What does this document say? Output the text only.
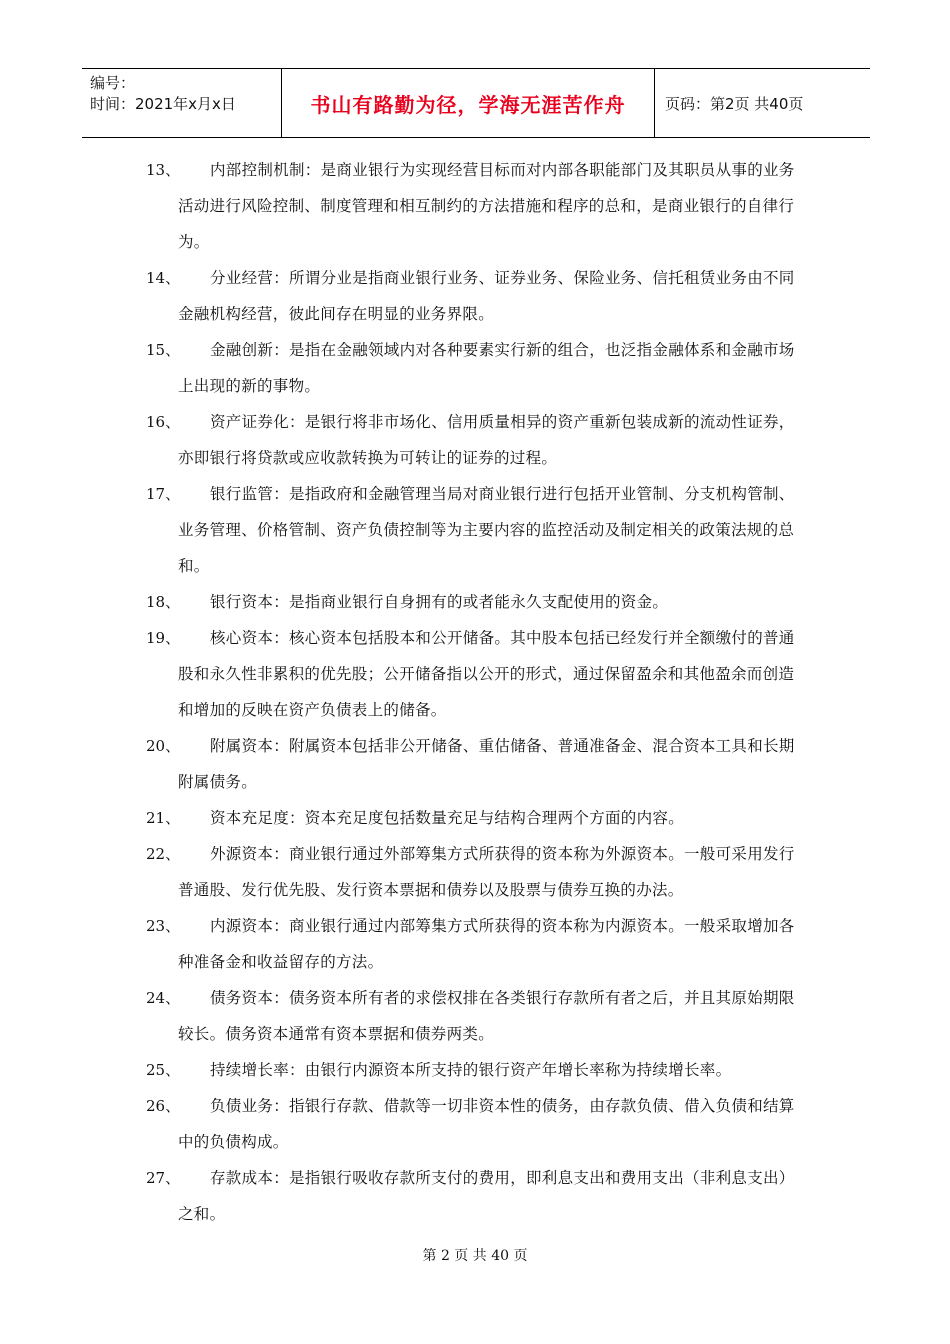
编号：
时间：2021年x月x日	书山有路勤为径，学海无涯苦作舟	页码：第2页 共40页
13、	内部控制机制：是商业银行为实现经营目标而对内部各职能部门及其职员从事的业务活动进行风险控制、制度管理和相互制约的方法措施和程序的总和，是商业银行的自律行为。
14、	分业经营：所谓分业是指商业银行业务、证券业务、保险业务、信托租赁业务由不同金融机构经营，彼此间存在明显的业务界限。
15、	金融创新：是指在金融领域内对各种要素实行新的组合，也泛指金融体系和金融市场上出现的新的事物。
16、	资产证券化：是银行将非市场化、信用质量相异的资产重新包装成新的流动性证券，亦即银行将贷款或应收款转换为可转让的证券的过程。
17、	银行监管：是指政府和金融管理当局对商业银行进行包括开业管制、分支机构管制、业务管理、价格管制、资产负债控制等为主要内容的监控活动及制定相关的政策法规的总和。
18、	银行资本：是指商业银行自身拥有的或者能永久支配使用的资金。
19、	核心资本：核心资本包括股本和公开储备。其中股本包括已经发行并全额缴付的普通股和永久性非累积的优先股；公开储备指以公开的形式，通过保留盈余和其他盈余而创造和增加的反映在资产负债表上的储备。
20、	附属资本：附属资本包括非公开储备、重估储备、普通准备金、混合资本工具和长期附属债务。
21、	资本充足度：资本充足度包括数量充足与结构合理两个方面的内容。
22、	外源资本：商业银行通过外部筹集方式所获得的资本称为外源资本。一般可采用发行普通股、发行优先股、发行资本票据和债券以及股票与债券互换的办法。
23、	内源资本：商业银行通过内部筹集方式所获得的资本称为内源资本。一般采取增加各种准备金和收益留存的方法。
24、	债务资本：债务资本所有者的求偿权排在各类银行存款所有者之后，并且其原始期限较长。债务资本通常有资本票据和债券两类。
25、	持续增长率：由银行内源资本所支持的银行资产年增长率称为持续增长率。
26、	负债业务：指银行存款、借款等一切非资本性的债务，由存款负债、借入负债和结算中的负债构成。
27、	存款成本：是指银行吸收存款所支付的费用，即利息支出和费用支出（非利息支出）之和。
第 2 页 共 40 页
